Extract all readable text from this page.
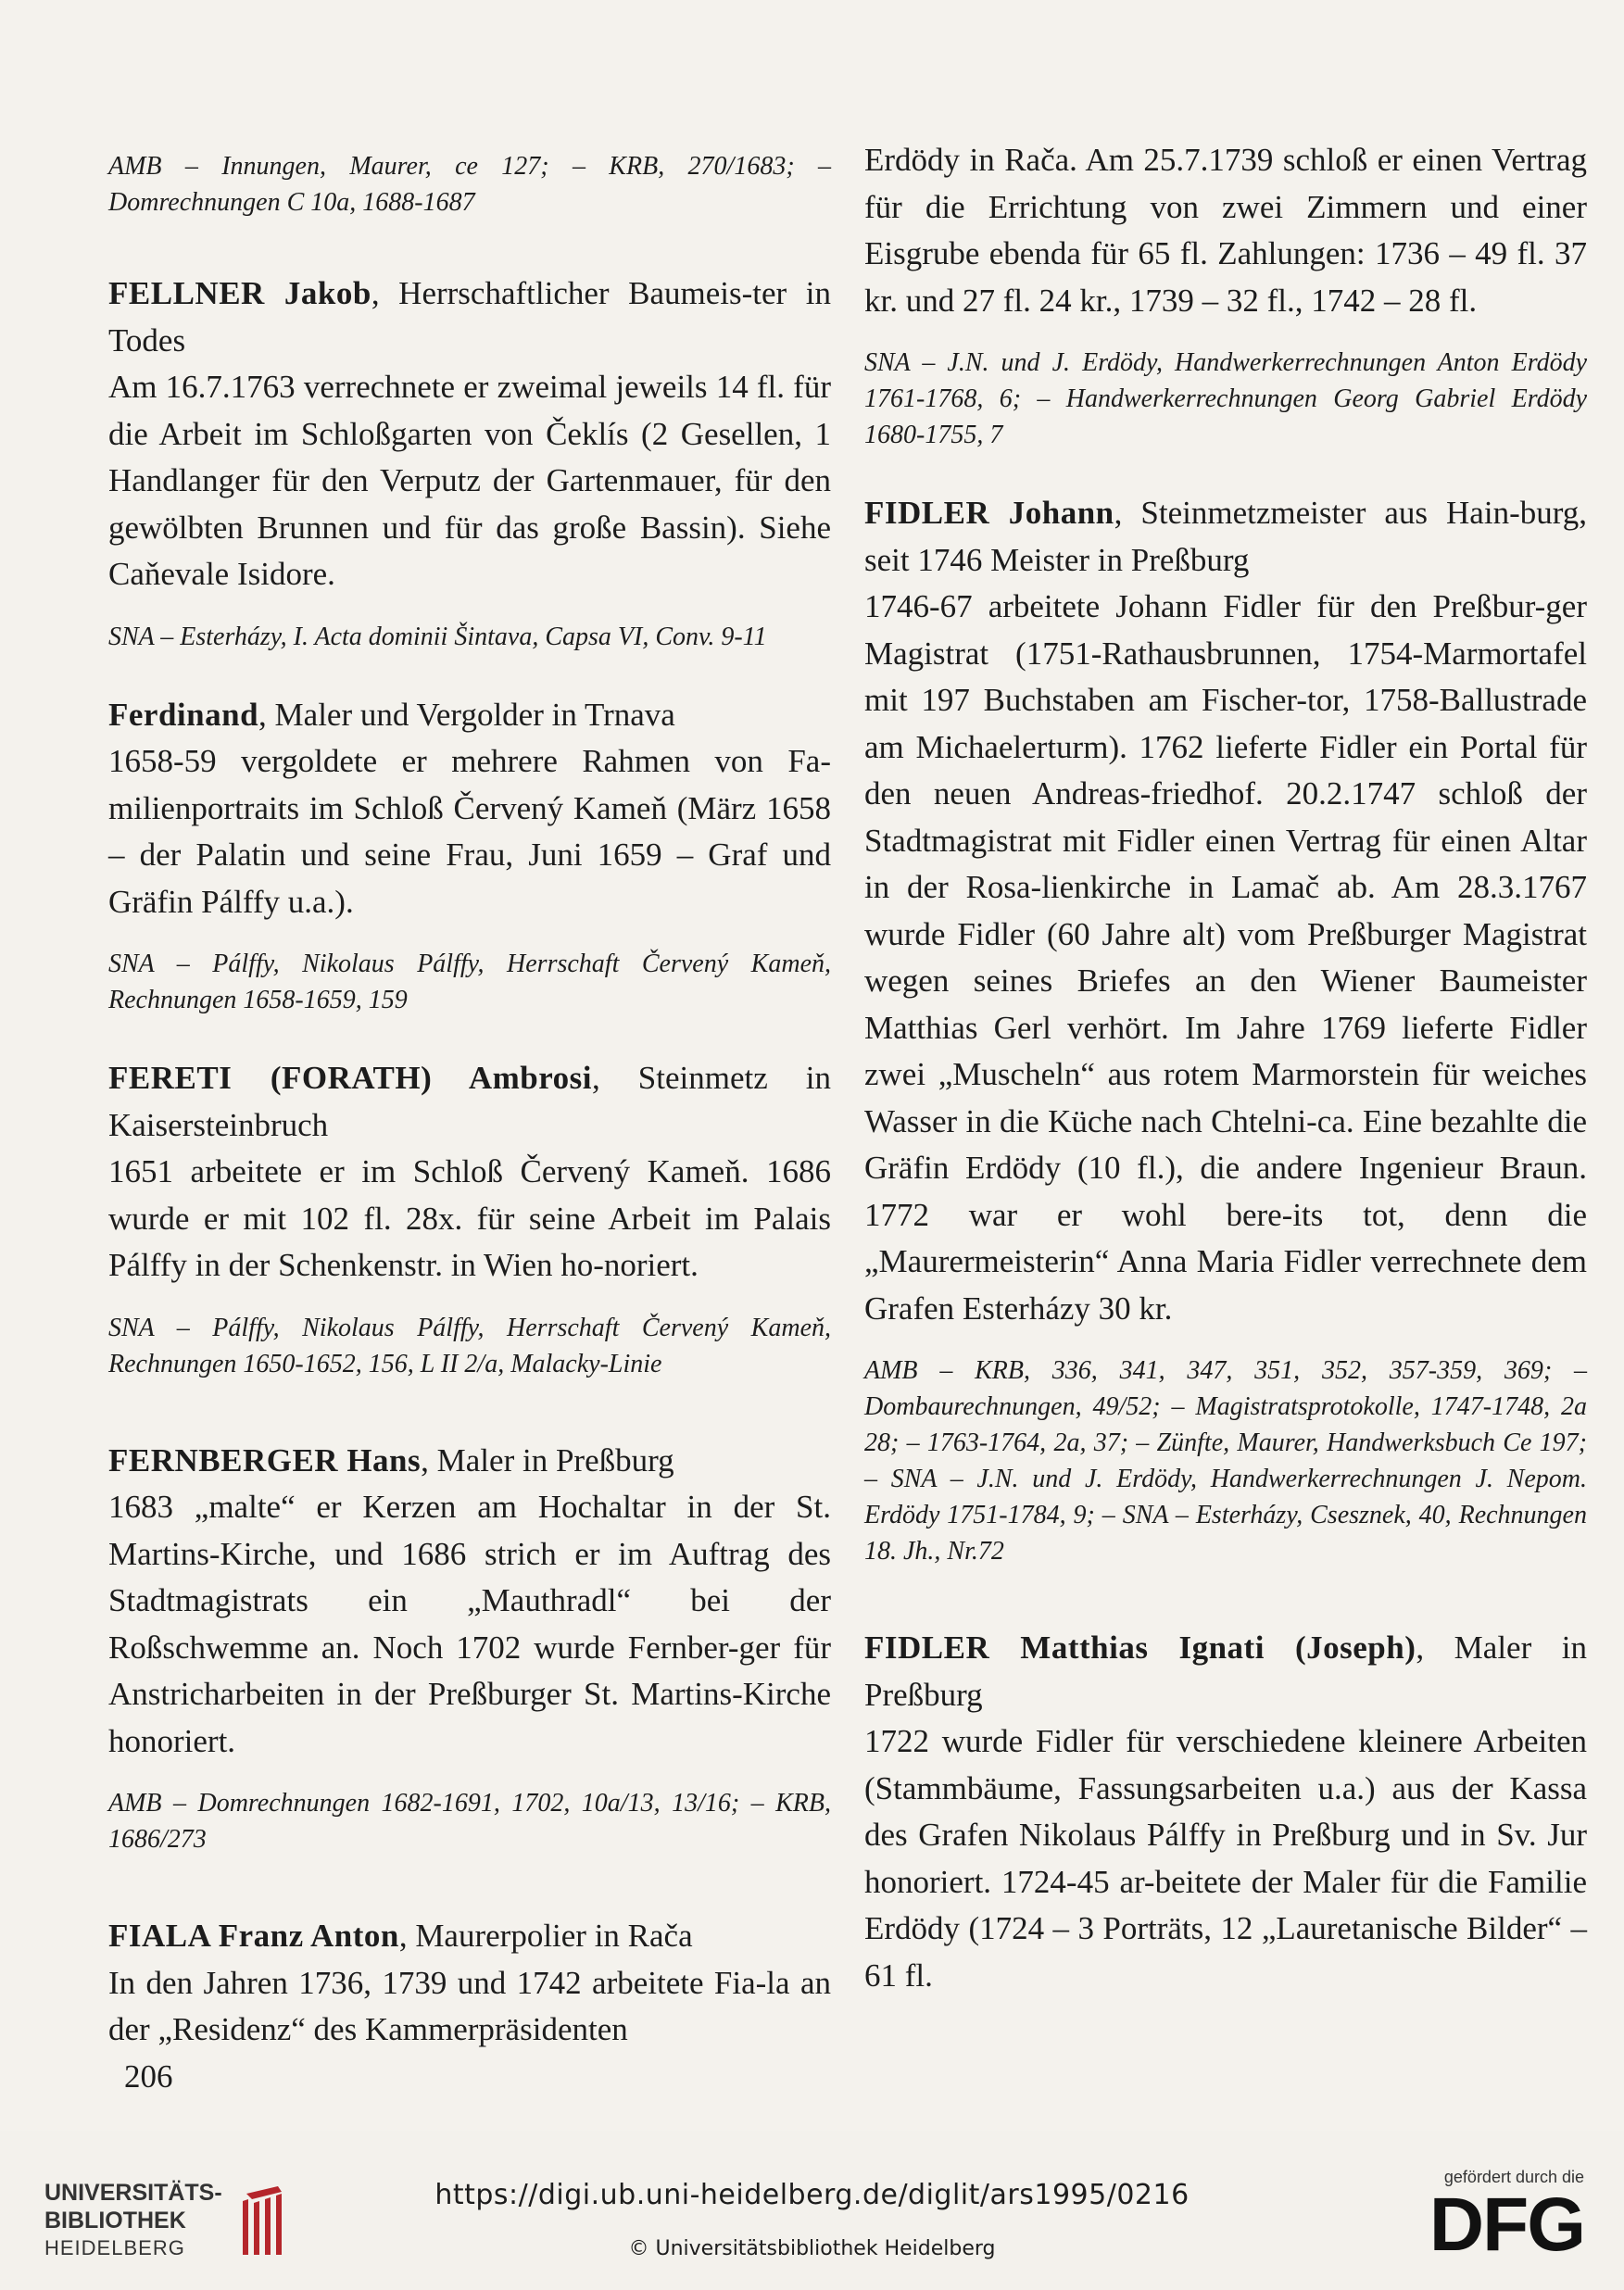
AMB – Innungen, Maurer, ce 127; – KRB, 270/1683; – Domrechnungen C 10a, 1688-1687
FELLNER Jakob, Herrschaftlicher Baumeis-ter in Todes
Am 16.7.1763 verrechnete er zweimal jeweils 14 fl. für die Arbeit im Schloßgarten von Čeklís (2 Gesellen, 1 Handlanger für den Verputz der Gartenmauer, für den gewölbten Brunnen und für das große Bassin). Siehe Caňevale Isidore.
SNA – Esterházy, I. Acta dominii Šintava, Capsa VI, Conv. 9-11
Ferdinand, Maler und Vergolder in Trnava
1658-59 vergoldete er mehrere Rahmen von Fa-milienportraits im Schloß Červený Kameň (März 1658 – der Palatin und seine Frau, Juni 1659 – Graf und Gräfin Pálffy u.a.).
SNA – Pálffy, Nikolaus Pálffy, Herrschaft Červený Kameň, Rechnungen 1658-1659, 159
FERETI (FORATH) Ambrosi, Steinmetz in Kaisersteinbruch
1651 arbeitete er im Schloß Červený Kameň. 1686 wurde er mit 102 fl. 28x. für seine Arbeit im Palais Pálffy in der Schenkenstr. in Wien ho-noriert.
SNA – Pálffy, Nikolaus Pálffy, Herrschaft Červený Kameň, Rechnungen 1650-1652, 156, L II 2/a, Malacky-Linie
FERNBERGER Hans, Maler in Preßburg
1683 „malte“ er Kerzen am Hochaltar in der St. Martins-Kirche, und 1686 strich er im Auftrag des Stadtmagistrats ein „Mauthradl“ bei der Roßschwemme an. Noch 1702 wurde Fernber-ger für Anstricharbeiten in der Preßburger St. Martins-Kirche honoriert.
AMB – Domrechnungen 1682-1691, 1702, 10a/13, 13/16; – KRB, 1686/273
FIALA Franz Anton, Maurerpolier in Rača
In den Jahren 1736, 1739 und 1742 arbeitete Fia-la an der „Residenz“ des Kammerpräsidenten
Erdödy in Rača. Am 25.7.1739 schloß er einen Vertrag für die Errichtung von zwei Zimmern und einer Eisgrube ebenda für 65 fl. Zahlungen: 1736 – 49 fl. 37 kr. und 27 fl. 24 kr., 1739 – 32 fl., 1742 – 28 fl.
SNA – J.N. und J. Erdödy, Handwerkerrechnungen Anton Erdödy 1761-1768, 6; – Handwerkerrechnungen Georg Gabriel Erdödy 1680-1755, 7
FIDLER Johann, Steinmetzmeister aus Hain-burg, seit 1746 Meister in Preßburg
1746-67 arbeitete Johann Fidler für den Preßbur-ger Magistrat (1751-Rathausbrunnen, 1754-Marmortafel mit 197 Buchstaben am Fischer-tor, 1758-Ballustrade am Michaelerturm). 1762 lieferte Fidler ein Portal für den neuen Andreas-friedhof. 20.2.1747 schloß der Stadtmagistrat mit Fidler einen Vertrag für einen Altar in der Rosa-lienkirche in Lamač ab. Am 28.3.1767 wurde Fidler (60 Jahre alt) vom Preßburger Magistrat wegen seines Briefes an den Wiener Baumeister Matthias Gerl verhört. Im Jahre 1769 lieferte Fidler zwei „Muscheln“ aus rotem Marmorstein für weiches Wasser in die Küche nach Chtelni-ca. Eine bezahlte die Gräfin Erdödy (10 fl.), die andere Ingenieur Braun. 1772 war er wohl bere-its tot, denn die „Maurermeisterin“ Anna Maria Fidler verrechnete dem Grafen Esterházy 30 kr.
AMB – KRB, 336, 341, 347, 351, 352, 357-359, 369; – Dombaurechnungen, 49/52; – Magistratsprotokolle, 1747-1748, 2a 28; – 1763-1764, 2a, 37; – Zünfte, Maurer, Handwerksbuch Ce 197; – SNA – J.N. und J. Erdödy, Handwerkerrechnungen J. Nepom. Erdödy 1751-1784, 9; – SNA – Esterházy, Csesznek, 40, Rechnungen 18. Jh., Nr.72
FIDLER Matthias Ignati (Joseph), Maler in Preßburg
1722 wurde Fidler für verschiedene kleinere Arbeiten (Stammbäume, Fassungsarbeiten u.a.) aus der Kassa des Grafen Nikolaus Pálffy in Preßburg und in Sv. Jur honoriert. 1724-45 ar-beitete der Maler für die Familie Erdödy (1724 – 3 Porträts, 12 „Lauretanische Bilder“ – 61 fl.
206
UNIVERSITÄTS-
BIBLIOTHEK
HEIDELBERG
https://digi.ub.uni-heidelberg.de/diglit/ars1995/0216
© Universitätsbibliothek Heidelberg
gefördert durch die
DFG
